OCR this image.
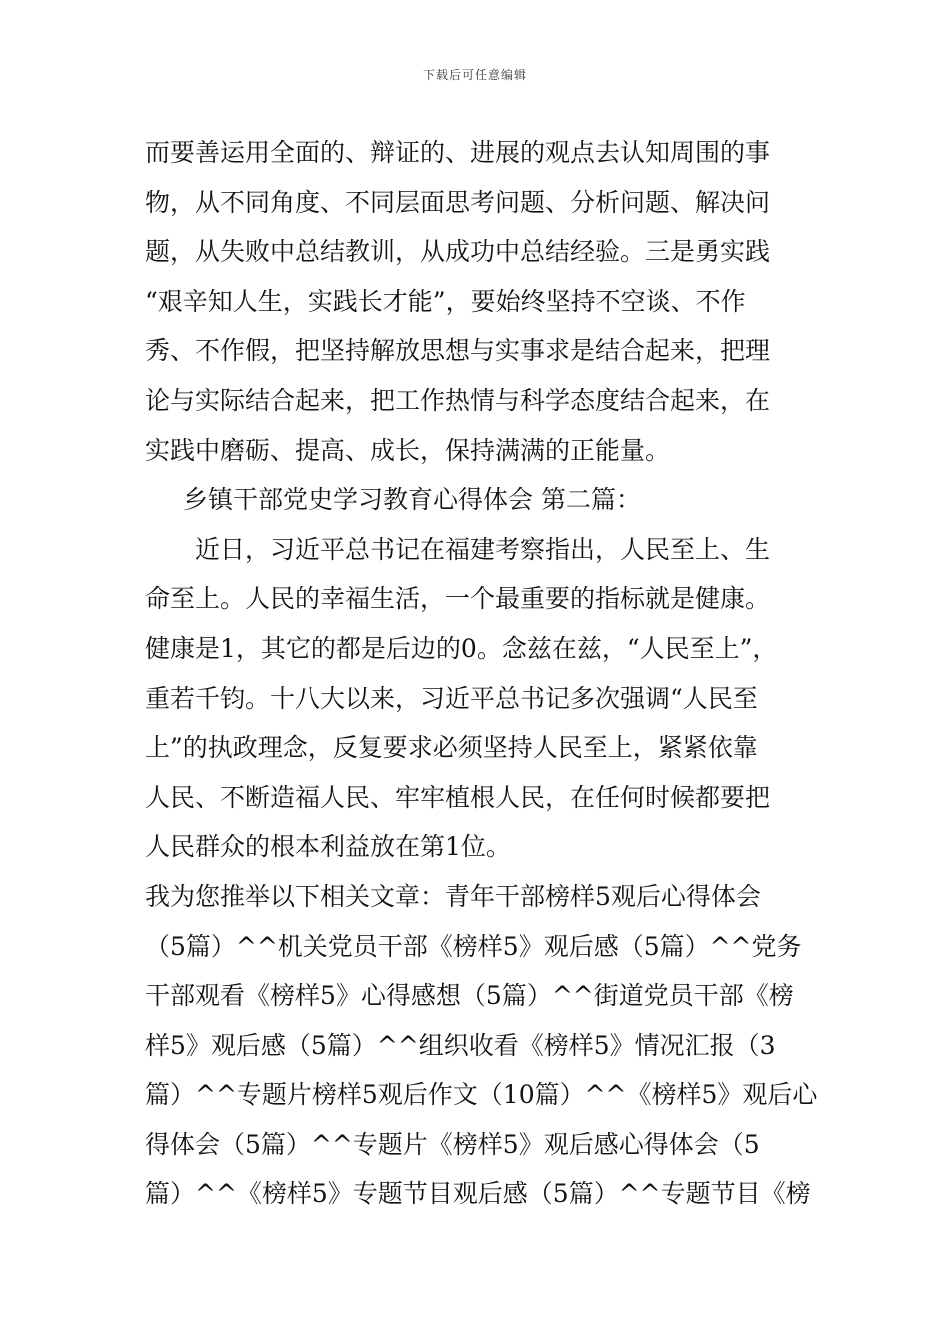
下载后可任意编辑
而要善运用全面的、辩证的、进展的观点去认知周围的事
物，从不同角度、不同层面思考问题、分析问题、解决问
题，从失败中总结教训，从成功中总结经验。三是勇实践
“艰辛知人生，实践长才能”，要始终坚持不空谈、不作
秀、不作假，把坚持解放思想与实事求是结合起来，把理
论与实际结合起来，把工作热情与科学态度结合起来，在
实践中磨砺、提高、成长，保持满满的正能量。
乡镇干部党史学习教育心得体会 第二篇：
近日，习近平总书记在福建考察指出，人民至上、生
命至上。人民的幸福生活，一个最重要的指标就是健康。
健康是1，其它的都是后边的0。念兹在兹，“人民至上”，
重若千钧。十八大以来，习近平总书记多次强调“人民至
上”的执政理念，反复要求必须坚持人民至上，紧紧依靠
人民、不断造福人民、牢牢植根人民，在任何时候都要把
人民群众的根本利益放在第1位。
我为您推举以下相关文章：青年干部榜样5观后心得体会
（5篇）^^机关党员干部《榜样5》观后感（5篇）^^党务
干部观看《榜样5》心得感想（5篇）^^街道党员干部《榜
样5》观后感（5篇）^^组织收看《榜样5》情况汇报（3
篇）^^专题片榜样5观后作文（10篇）^^《榜样5》观后心
得体会（5篇）^^专题片《榜样5》观后感心得体会（5
篇）^^《榜样5》专题节目观后感（5篇）^^专题节目《榜
